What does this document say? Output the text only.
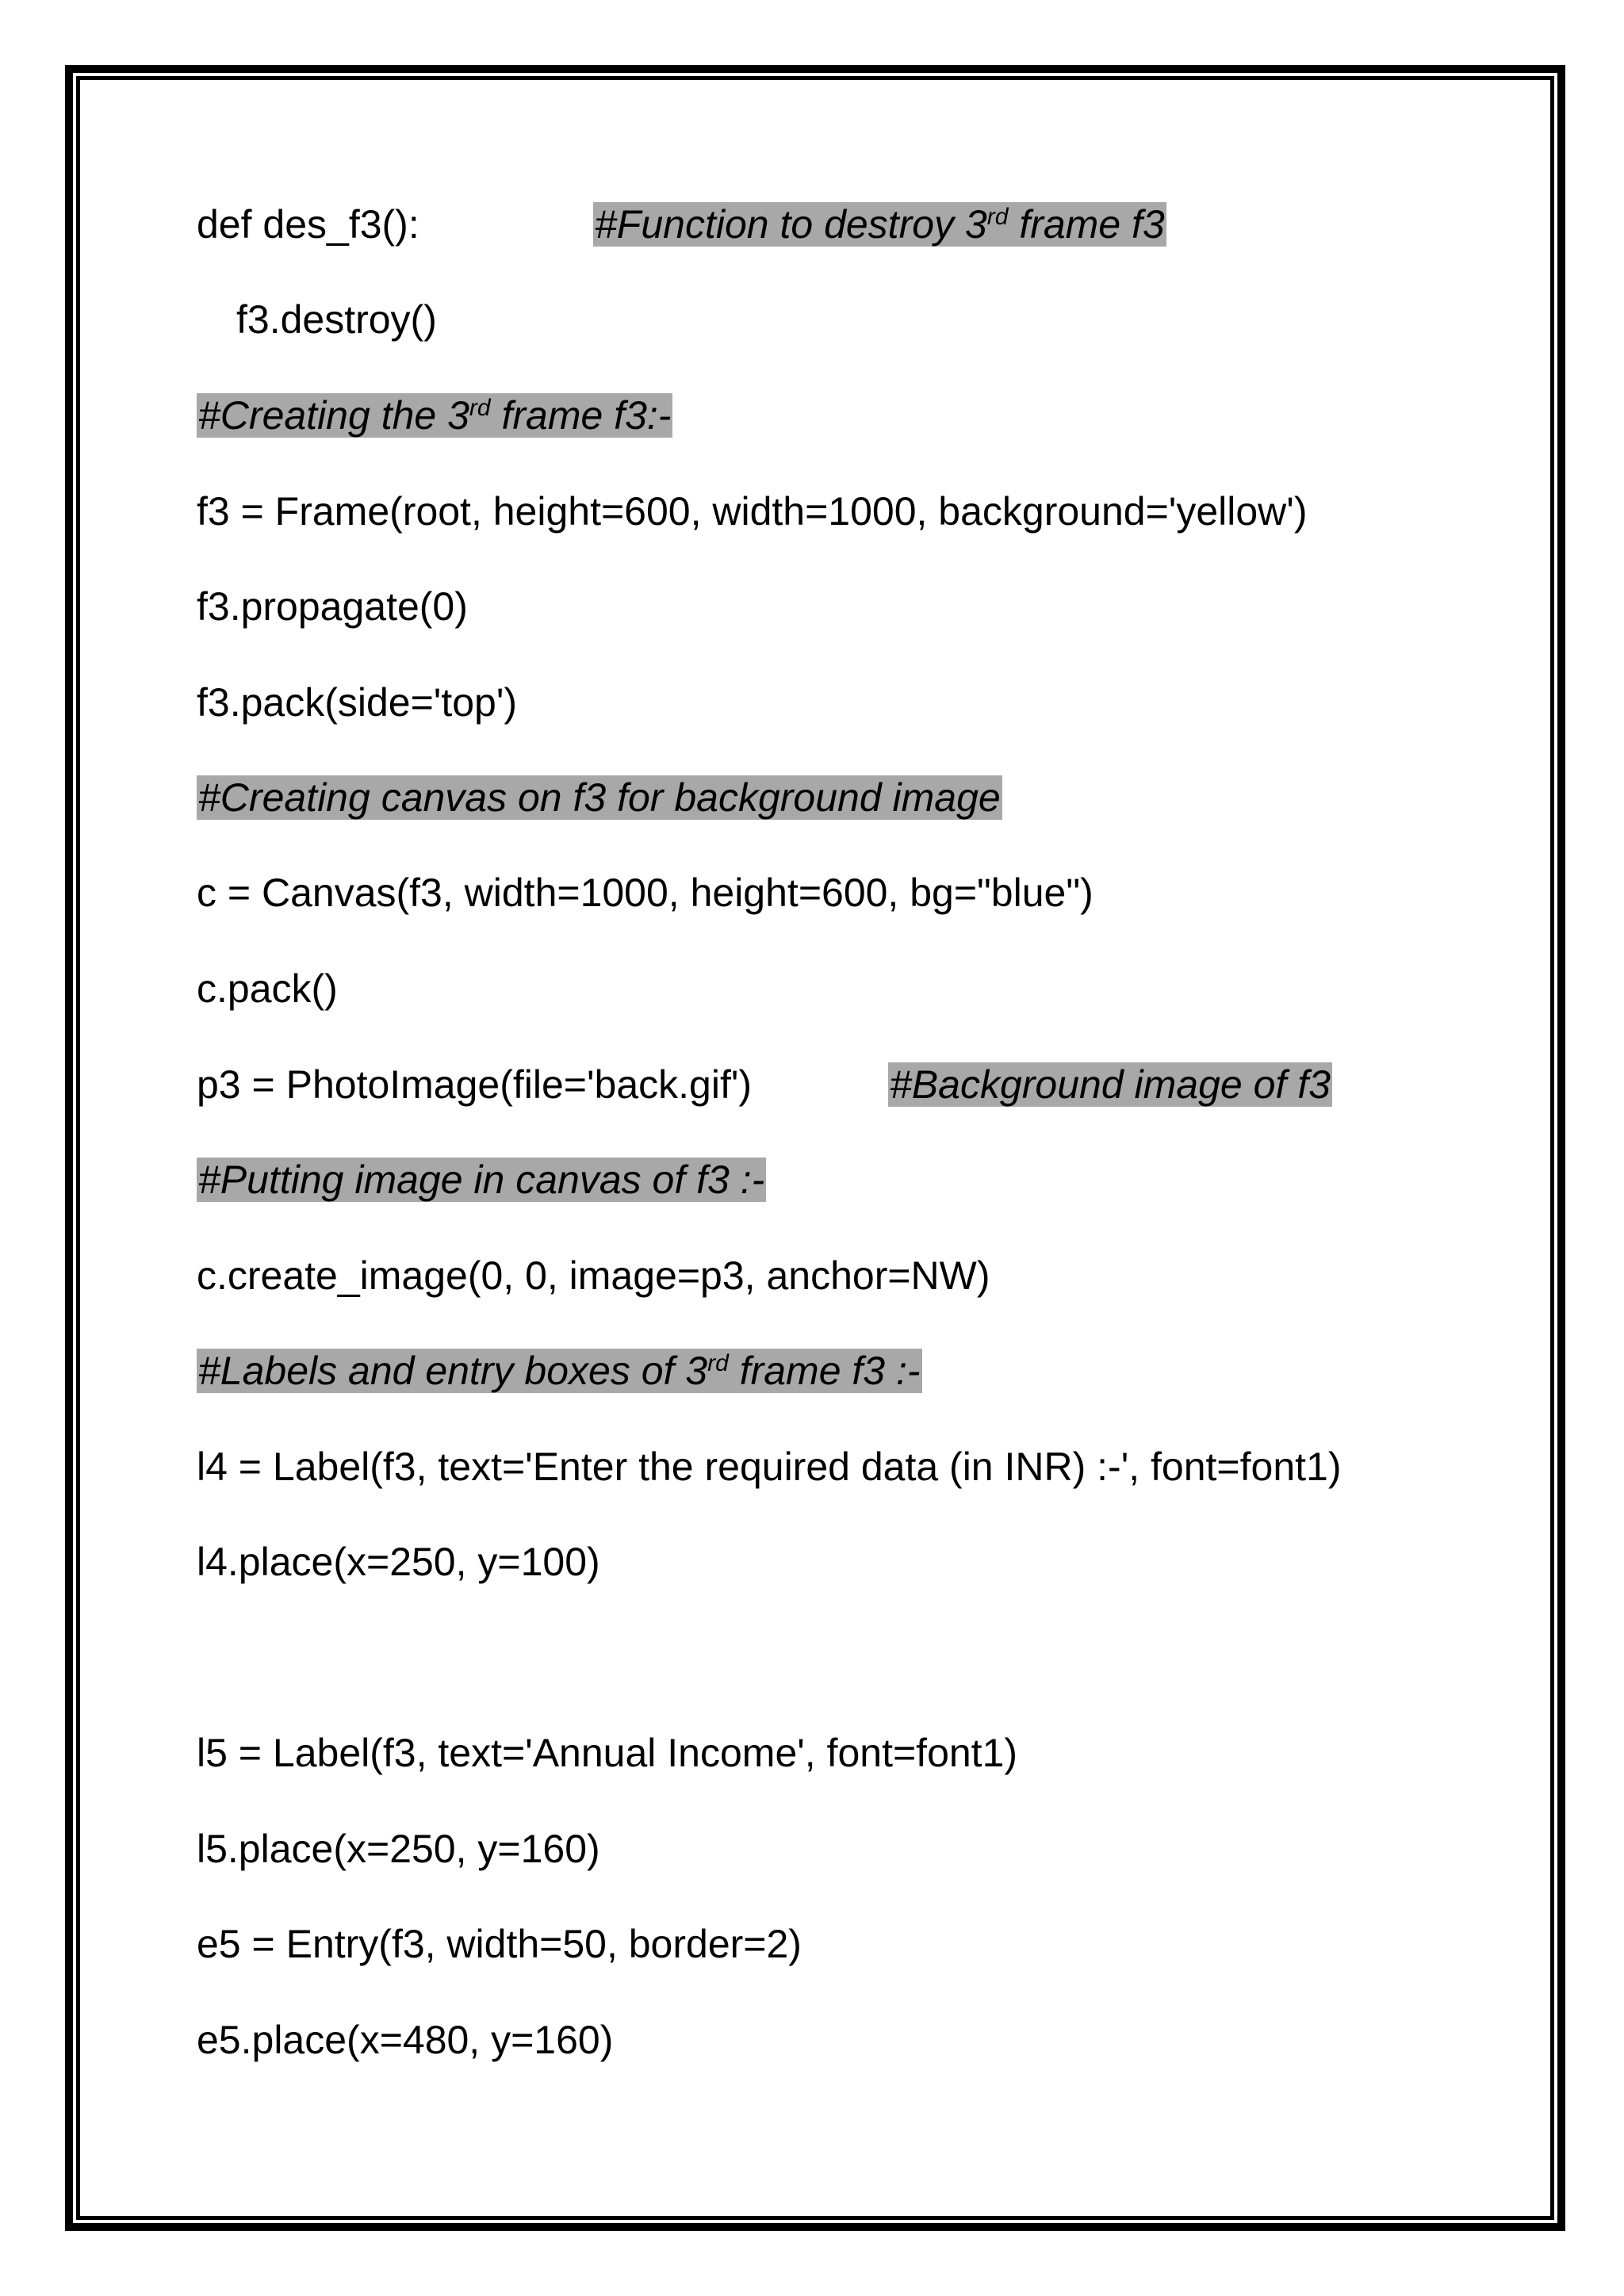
def des_f3():	#Function to destroy 3rd frame f3
f3.destroy()
#Creating the 3rd frame f3:-
f3 = Frame(root, height=600, width=1000, background='yellow')
f3.propagate(0)
f3.pack(side='top')
#Creating canvas on f3 for background image
c = Canvas(f3, width=1000, height=600, bg="blue")
c.pack()
p3 = PhotoImage(file='back.gif')	#Background image of f3
#Putting image in canvas of f3 :-
c.create_image(0, 0, image=p3, anchor=NW)
#Labels and entry boxes of 3rd frame f3 :-
l4 = Label(f3, text='Enter the required data (in INR) :-', font=font1)
l4.place(x=250, y=100)
l5 = Label(f3, text='Annual Income', font=font1)
l5.place(x=250, y=160)
e5 = Entry(f3, width=50, border=2)
e5.place(x=480, y=160)
